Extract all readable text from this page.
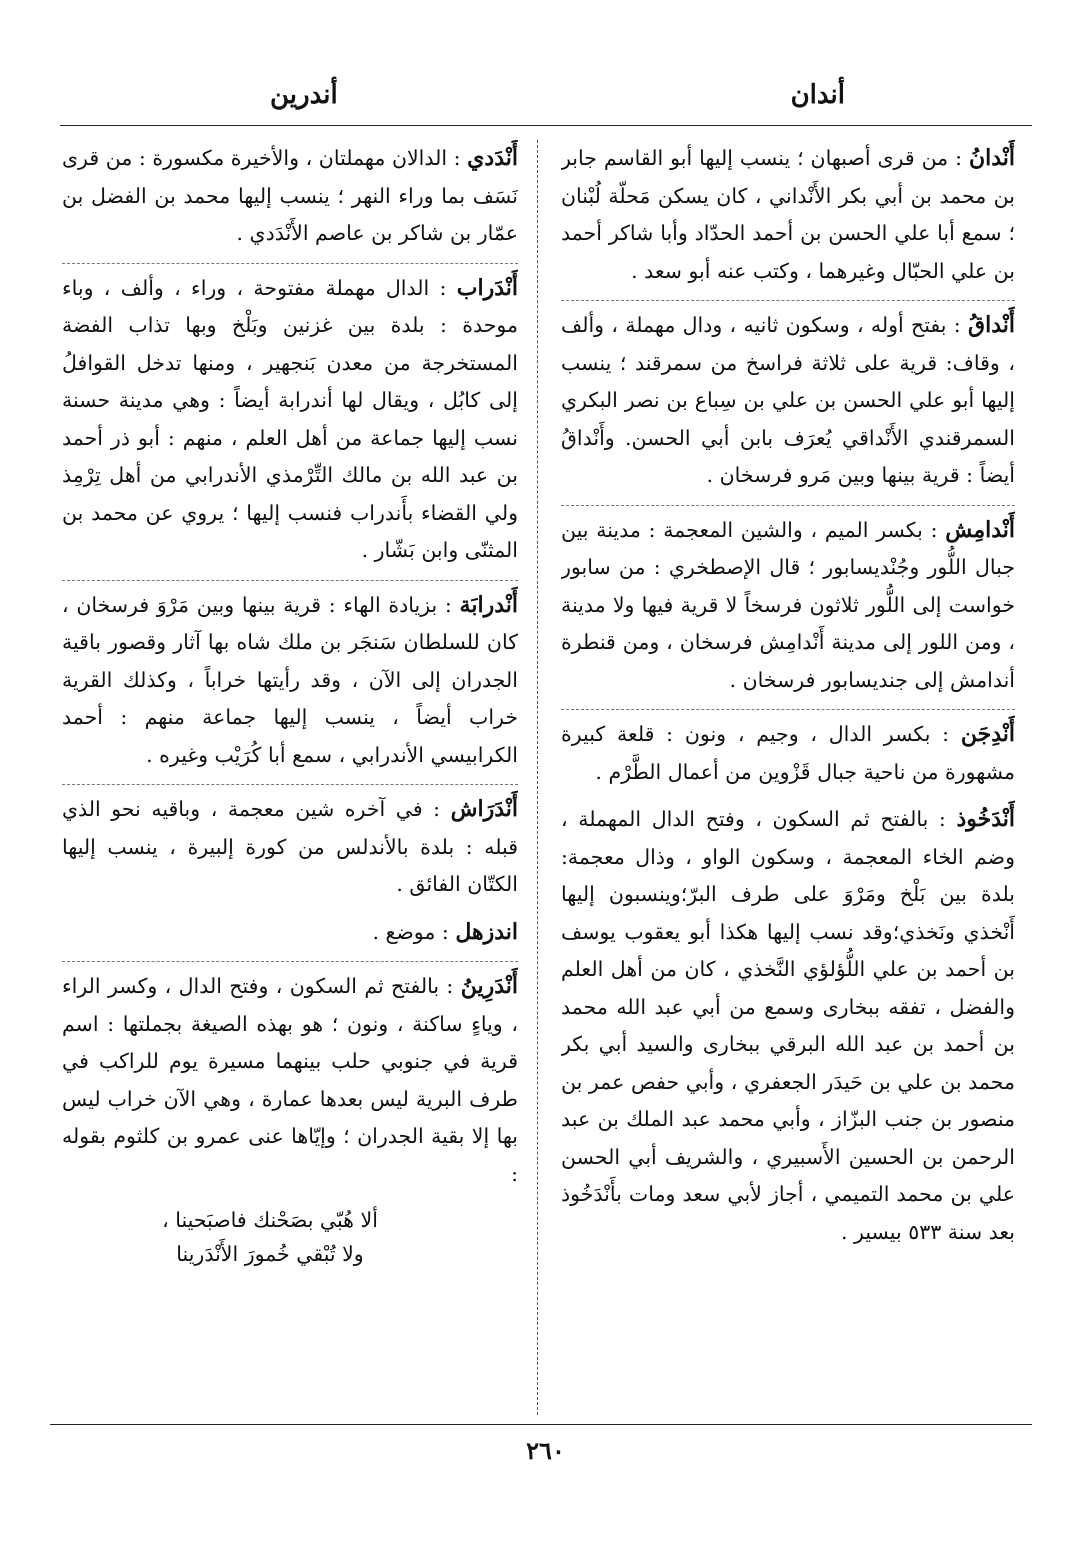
أندان
أندرين

أَنْدانُ : من قرى أصبهان ؛ ينسب إليها أبو القاسم جابر بن محمد بن أبي بكر الأَنْداني ، كان يسكن مَحلّة لُبْنان ؛ سمع أبا علي الحسن بن أحمد الحدّاد وأبا شاكر أحمد بن علي الحبّال وغيرهما ، وكتب عنه أبو سعد .

أَنْداقُ : بفتح أوله ، وسكون ثانيه ، ودال مهملة ، وألف ، وقاف: قرية على ثلاثة فراسخ من سمرقند ؛ ينسب إليها أبو علي الحسن بن علي بن سِباع بن نصر البكري السمرقندي الأَنْداقي يُعرَف بابن أبي الحسن. وأَنْداقُ أيضاً : قرية بينها وبين مَرو فرسخان .

أَنْدامِش : بكسر الميم ، والشين المعجمة : مدينة بين جبال اللُّور وجُنْديسابور ؛ قال الإصطخري : من سابور خواست إلى اللُّور ثلاثون فرسخاً لا قرية فيها ولا مدينة ، ومن اللور إلى مدينة أَنْدامِش فرسخان ، ومن قنطرة أندامش إلى جنديسابور فرسخان .

أَنْدِجَن : بكسر الدال ، وجيم ، ونون : قلعة كبيرة مشهورة من ناحية جبال قَزْوين من أعمال الطَّرْم .

أَنْدَخُوذ : بالفتح ثم السكون ، وفتح الدال المهملة ، وضم الخاء المعجمة ، وسكون الواو ، وذال معجمة: بلدة بين بَلْخ ومَرْوَ على طرف البرّ؛وينسبون إليها أَنْخذي ونَخذي؛وقد نسب إليها هكذا أبو يعقوب يوسف بن أحمد بن علي اللُّؤلؤي النَّخذي ، كان من أهل العلم والفضل ، تفقه ببخارى وسمع من أبي عبد الله محمد بن أحمد بن عبد الله البرقي ببخارى والسيد أبي بكر محمد بن علي بن حَيدَر الجعفري ، وأبي حفص عمر بن منصور بن جنب البزّاز ، وأبي محمد عبد الملك بن عبد الرحمن بن الحسين الأَسبيري ، والشريف أبي الحسن علي بن محمد التميمي ، أجاز لأبي سعد ومات بأَنْدَخُوذ بعد سنة ٥٣٣ بيسير .

أَنْدَدي : الدالان مهملتان ، والأخيرة مكسورة : من قرى نَسَف بما وراء النهر ؛ ينسب إليها محمد بن الفضل بن عمّار بن شاكر بن عاصم الأَنْدَدي .

أَنْدَراب : الدال مهملة مفتوحة ، وراء ، وألف ، وباء موحدة : بلدة بين غزنين وبَلْخ وبها تذاب الفضة المستخرجة من معدن بَنجهير ، ومنها تدخل القوافلُ إلى كابُل ، ويقال لها أندرابة أيضاً : وهي مدينة حسنة نسب إليها جماعة من أهل العلم ، منهم : أبو ذر أحمد بن عبد الله بن مالك التِّرْمذي الأندرابي من أهل تِرْمِذ ولي القضاء بأَندراب فنسب إليها ؛ يروي عن محمد بن المثنّى وابن بَشّار .

أَنْدرابَة : بزيادة الهاء : قرية بينها وبين مَرْوَ فرسخان ، كان للسلطان سَنجَر بن ملك شاه بها آثار وقصور باقية الجدران إلى الآن ، وقد رأيتها خراباً ، وكذلك القرية خراب أيضاً ، ينسب إليها جماعة منهم : أحمد الكرابيسي الأندرابي ، سمع أبا كُرَيْب وغيره .

أَنْدَرَاش : في آخره شين معجمة ، وباقيه نحو الذي قبله : بلدة بالأندلس من كورة إلبيرة ، ينسب إليها الكتّان الفائق .

اندزهل : موضع .

أَنْدَرِينُ : بالفتح ثم السكون ، وفتح الدال ، وكسر الراء ، وياءٍ ساكنة ، ونون ؛ هو بهذه الصيغة بجملتها : اسم قرية في جنوبي حلب بينهما مسيرة يوم للراكب في طرف البرية ليس بعدها عمارة ، وهي الآن خراب ليس بها إلا بقية الجدران ؛ وإيّاها عنى عمرو بن كلثوم بقوله :

ألا هُبّي بصَحْنك فاصبَحينا ،
ولا تُبْقي خُمورَ الأَنْدَرينا
٢٦٠
